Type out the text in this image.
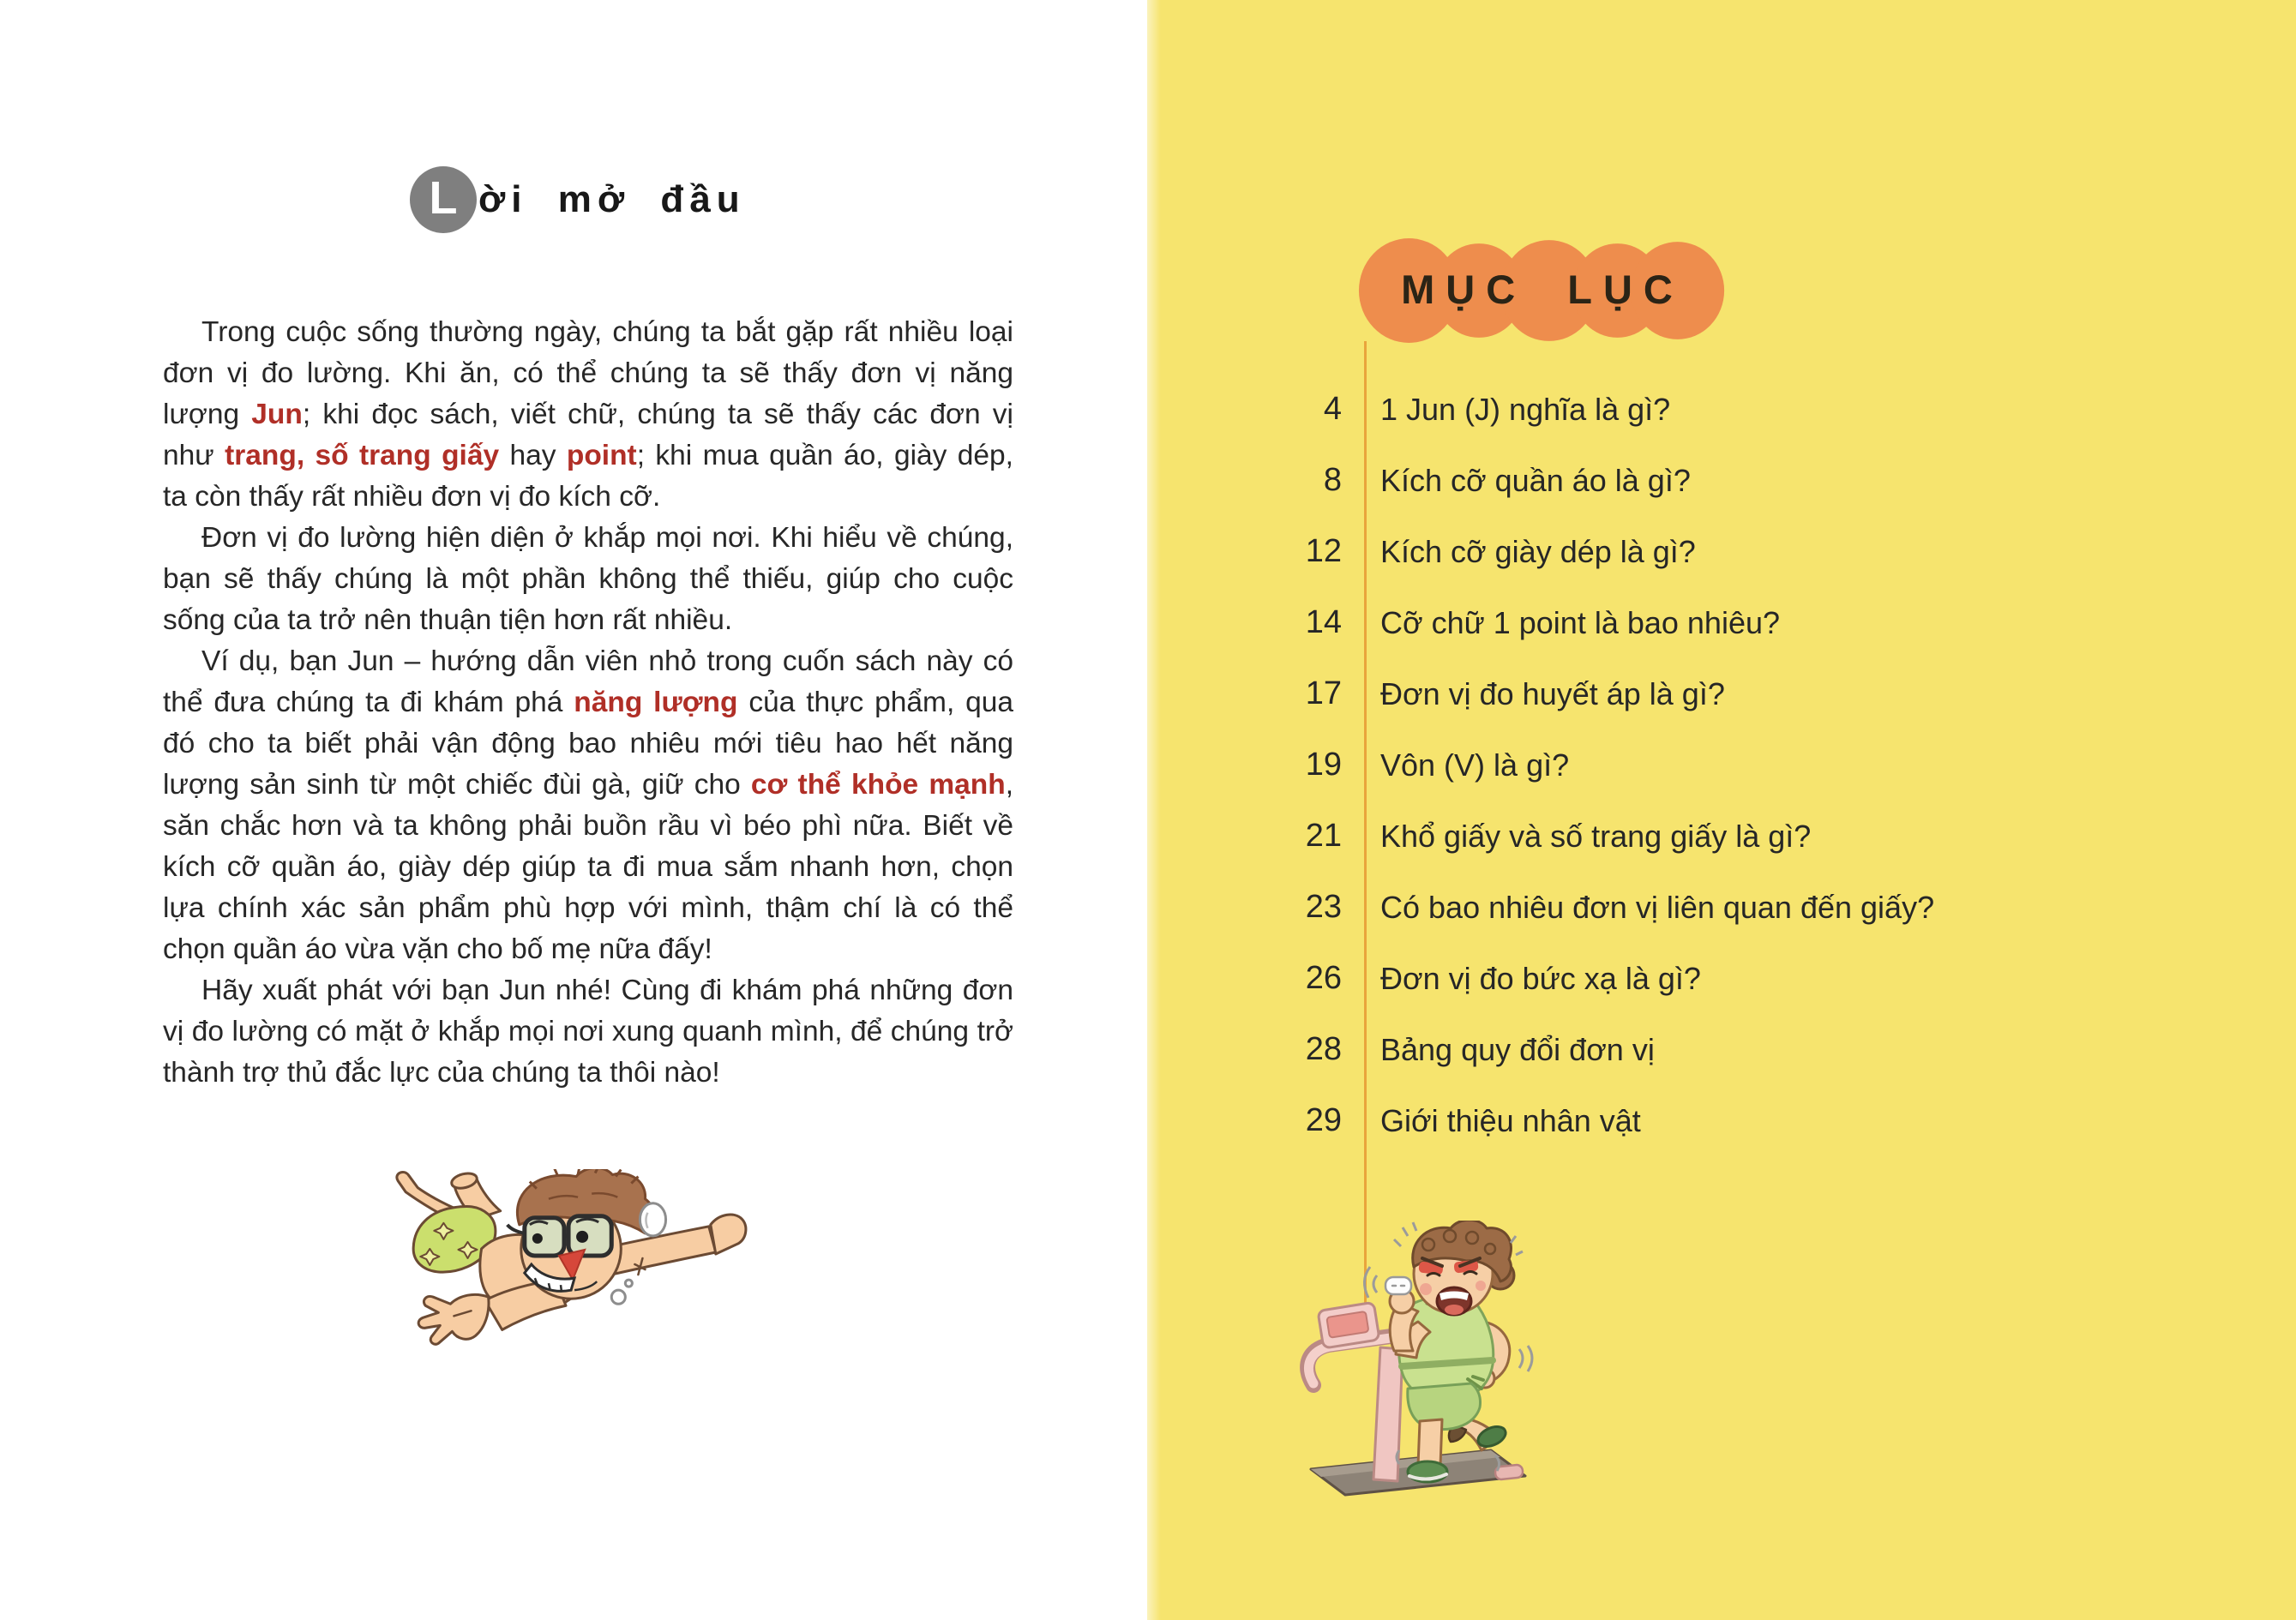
L ời mở đầu

Trong cuộc sống thường ngày, chúng ta bắt gặp rất nhiều loại đơn vị đo lường. Khi ăn, có thể chúng ta sẽ thấy đơn vị năng lượng Jun; khi đọc sách, viết chữ, chúng ta sẽ thấy các đơn vị như trang, số trang giấy hay point; khi mua quần áo, giày dép, ta còn thấy rất nhiều đơn vị đo kích cỡ.

Đơn vị đo lường hiện diện ở khắp mọi nơi. Khi hiểu về chúng, bạn sẽ thấy chúng là một phần không thể thiếu, giúp cho cuộc sống của ta trở nên thuận tiện hơn rất nhiều.

Ví dụ, bạn Jun – hướng dẫn viên nhỏ trong cuốn sách này có thể đưa chúng ta đi khám phá năng lượng của thực phẩm, qua đó cho ta biết phải vận động bao nhiêu mới tiêu hao hết năng lượng sản sinh từ một chiếc đùi gà, giữ cho cơ thể khỏe mạnh, săn chắc hơn và ta không phải buồn rầu vì béo phì nữa. Biết về kích cỡ quần áo, giày dép giúp ta đi mua sắm nhanh hơn, chọn lựa chính xác sản phẩm phù hợp với mình, thậm chí là có thể chọn quần áo vừa vặn cho bố mẹ nữa đấy!

Hãy xuất phát với bạn Jun nhé! Cùng đi khám phá những đơn vị đo lường có mặt ở khắp mọi nơi xung quanh mình, để chúng trở thành trợ thủ đắc lực của chúng ta thôi nào!

MỤC LỤC
4	1 Jun (J) nghĩa là gì?
8	Kích cỡ quần áo là gì?
12	Kích cỡ giày dép là gì?
14	Cỡ chữ 1 point là bao nhiêu?
17	Đơn vị đo huyết áp là gì?
19	Vôn (V) là gì?
21	Khổ giấy và số trang giấy là gì?
23	Có bao nhiêu đơn vị liên quan đến giấy?
26	Đơn vị đo bức xạ là gì?
28	Bảng quy đổi đơn vị
29	Giới thiệu nhân vật
